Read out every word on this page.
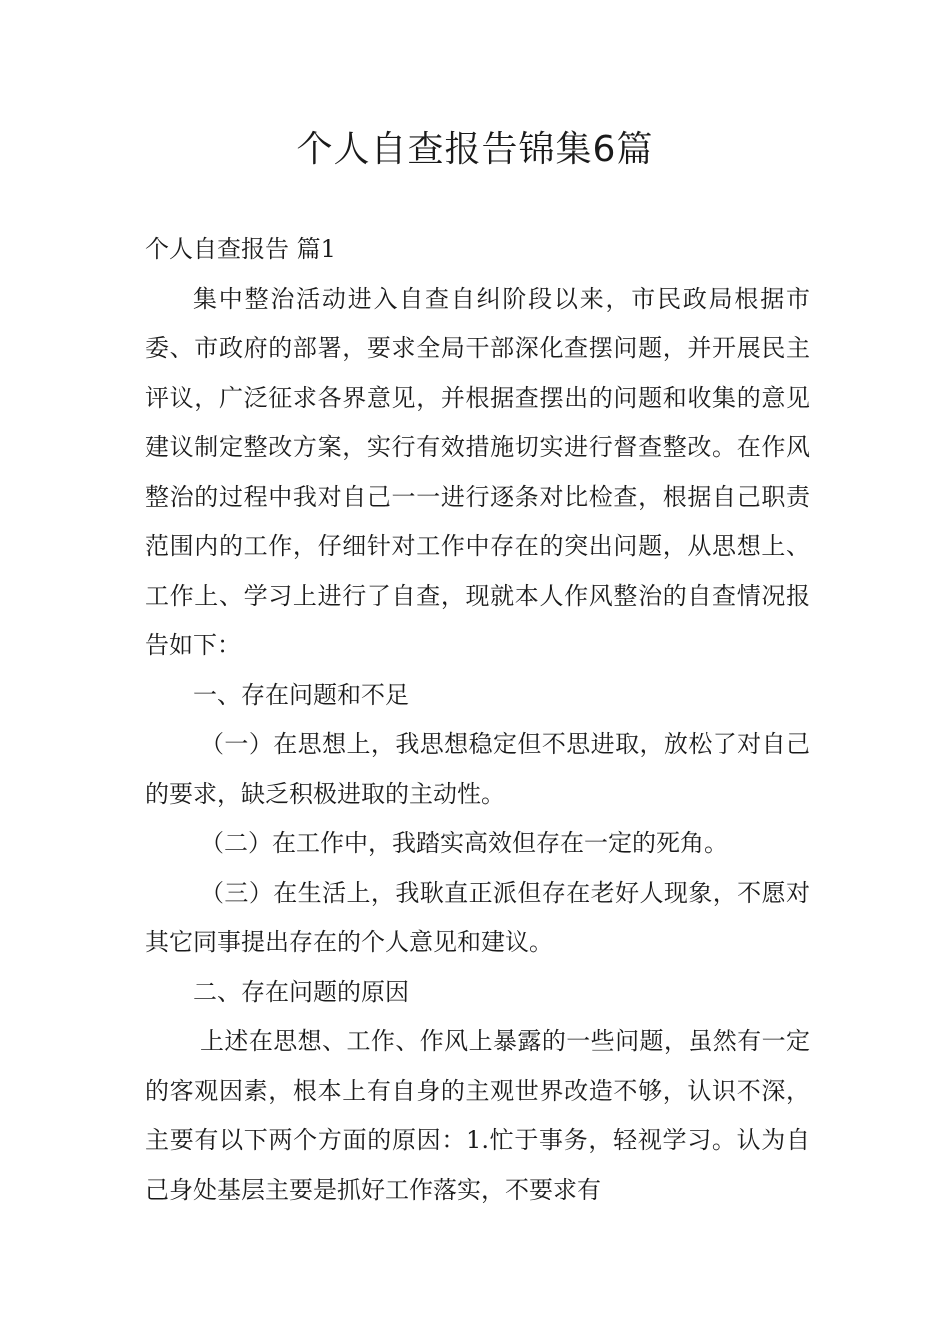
个人自查报告锦集6篇

个人自查报告 篇1

集中整治活动进入自查自纠阶段以来，市民政局根据市委、市政府的部署，要求全局干部深化查摆问题，并开展民主评议，广泛征求各界意见，并根据查摆出的问题和收集的意见建议制定整改方案，实行有效措施切实进行督查整改。在作风整治的过程中我对自己一一进行逐条对比检查，根据自己职责范围内的工作，仔细针对工作中存在的突出问题，从思想上、工作上、学习上进行了自查，现就本人作风整治的自查情况报告如下：

一、存在问题和不足

（一）在思想上，我思想稳定但不思进取，放松了对自己的要求，缺乏积极进取的主动性。

（二）在工作中，我踏实高效但存在一定的死角。

（三）在生活上，我耿直正派但存在老好人现象，不愿对其它同事提出存在的个人意见和建议。

二、存在问题的原因

上述在思想、工作、作风上暴露的一些问题，虽然有一定的客观因素，根本上有自身的主观世界改造不够，认识不深，主要有以下两个方面的原因：1.忙于事务，轻视学习。认为自己身处基层主要是抓好工作落实，不要求有
